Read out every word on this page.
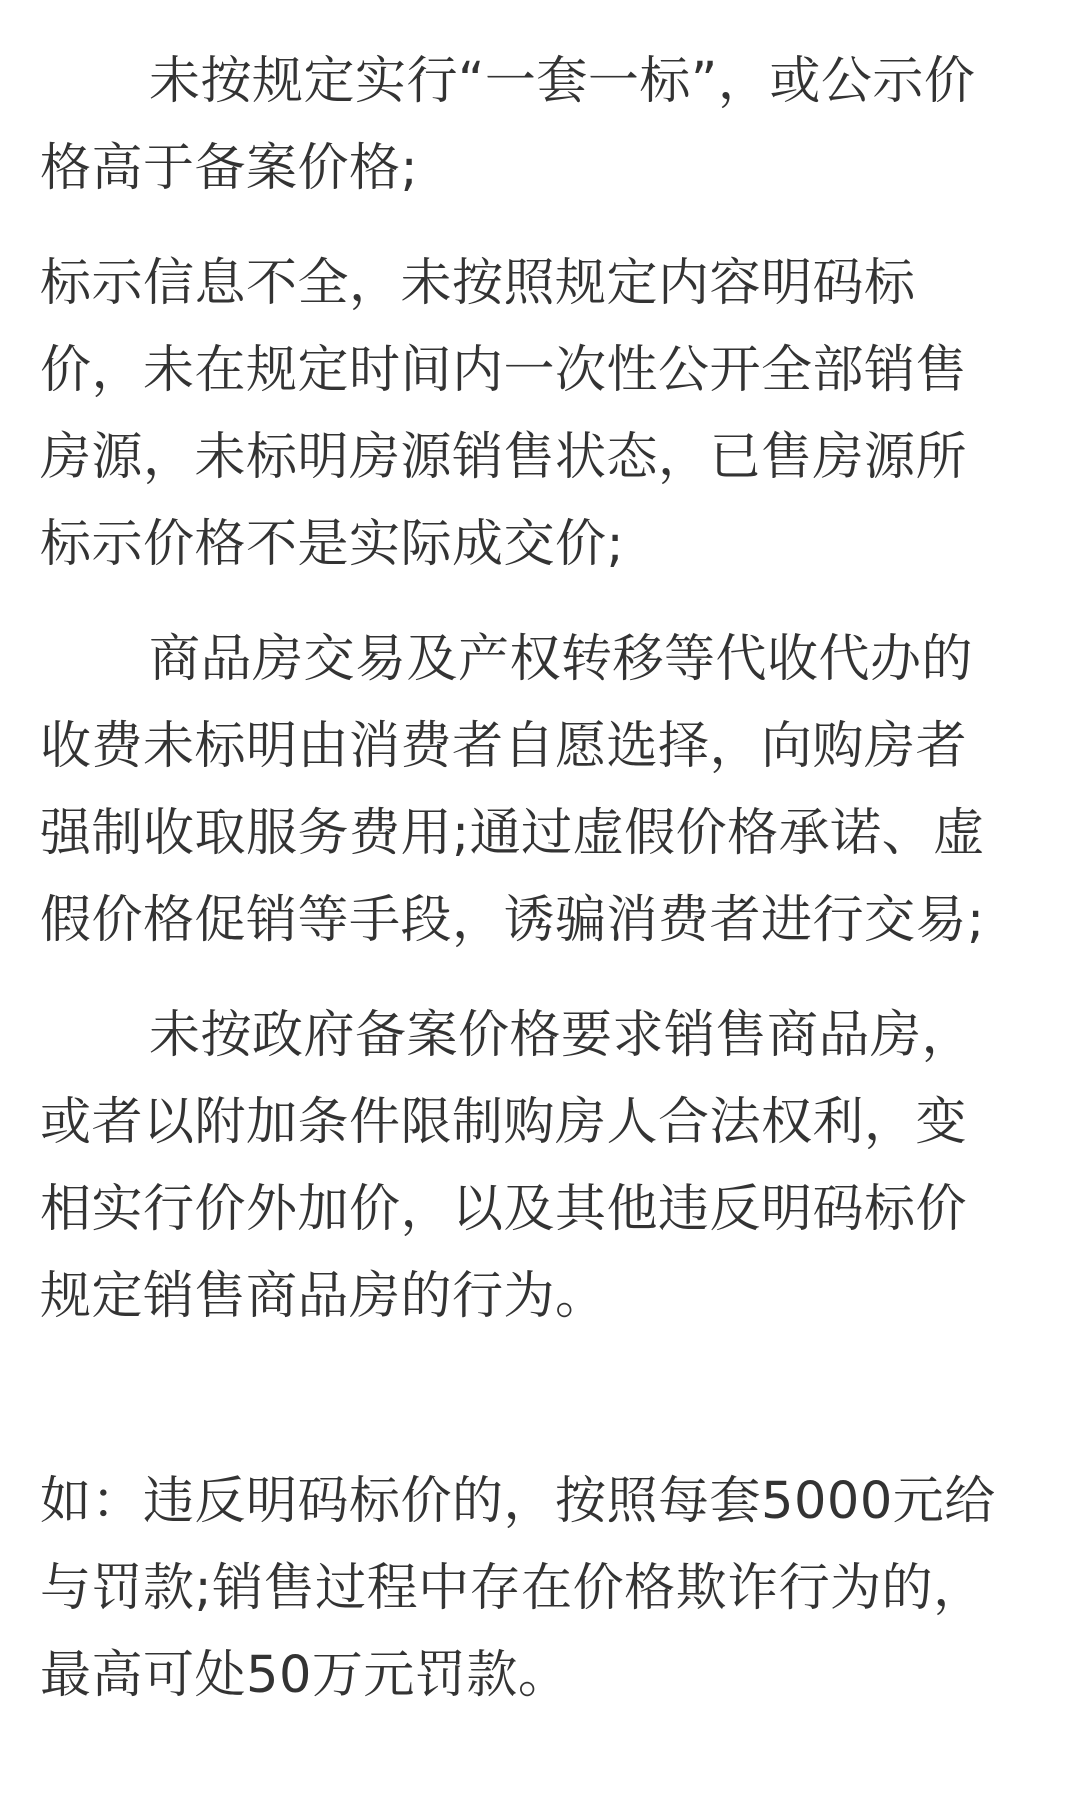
未按规定实行“一套一标”，或公示价
格高于备案价格;

标示信息不全，未按照规定内容明码标
价，未在规定时间内一次性公开全部销售
房源，未标明房源销售状态，已售房源所
标示价格不是实际成交价;

商品房交易及产权转移等代收代办的
收费未标明由消费者自愿选择，向购房者
强制收取服务费用;通过虚假价格承诺、虚
假价格促销等手段，诱骗消费者进行交易;

未按政府备案价格要求销售商品房，
或者以附加条件限制购房人合法权利，变
相实行价外加价，以及其他违反明码标价
规定销售商品房的行为。

如：违反明码标价的，按照每套5000元给
与罚款;销售过程中存在价格欺诈行为的，
最高可处50万元罚款。
